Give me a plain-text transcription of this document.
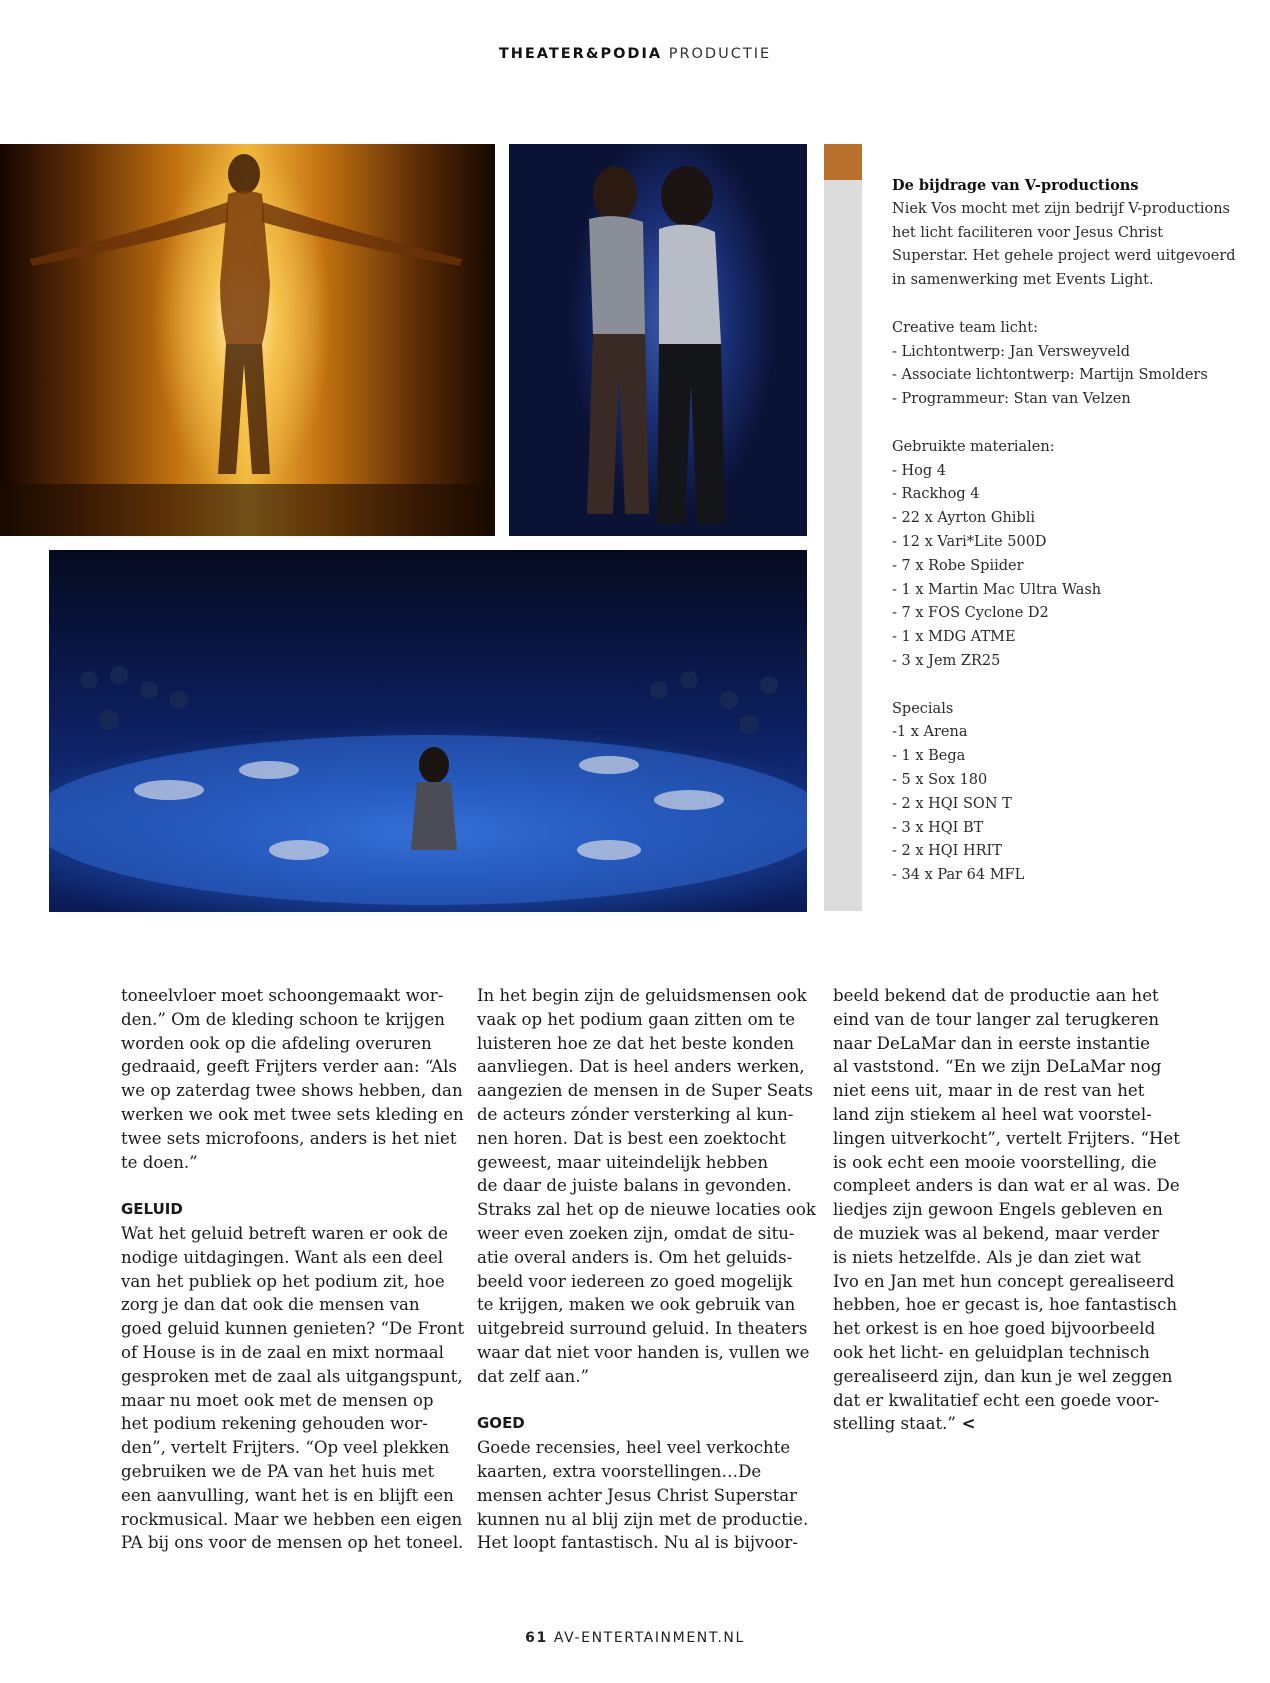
THEATER&PODIA PRODUCTIE

De bijdrage van V-productions

Niek Vos mocht met zijn bedrijf V-productions
het licht faciliteren voor Jesus Christ
Superstar. Het gehele project werd uitgevoerd
in samenwerking met Events Light.

Creative team licht:

- Lichtontwerp: Jan Versweyveld
- Associate lichtontwerp: Martijn Smolders
- Programmeur: Stan van Velzen

Gebruikte materialen:

- Hog 4
- Rackhog 4
- 22 x Ayrton Ghibli
- 12 x Vari*Lite 500D
- 7 x Robe Spiider
- 1 x Martin Mac Ultra Wash
- 7 x FOS Cyclone D2
- 1 x MDG ATME
- 3 x Jem ZR25

Specials

-1 x Arena
- 1 x Bega
- 5 x Sox 180
- 2 x HQI SON T
- 3 x HQI BT
- 2 x HQI HRIT
- 34 x Par 64 MFL
toneelvloer moet schoongemaakt wor-
den.” Om de kleding schoon te krijgen
worden ook op die afdeling overuren
gedraaid, geeft Frijters verder aan: “Als
we op zaterdag twee shows hebben, dan
werken we ook met twee sets kleding en
twee sets microfoons, anders is het niet
te doen.”
GELUID
Wat het geluid betreft waren er ook de
nodige uitdagingen. Want als een deel
van het publiek op het podium zit, hoe
zorg je dan dat ook die mensen van
goed geluid kunnen genieten? “De Front
of House is in de zaal en mixt normaal
gesproken met de zaal als uitgangspunt,
maar nu moet ook met de mensen op
het podium rekening gehouden wor-
den”, vertelt Frijters. “Op veel plekken
gebruiken we de PA van het huis met
een aanvulling, want het is en blijft een
rockmusical. Maar we hebben een eigen
PA bij ons voor de mensen op het toneel.
In het begin zijn de geluidsmensen ook
vaak op het podium gaan zitten om te
luisteren hoe ze dat het beste konden
aanvliegen. Dat is heel anders werken,
aangezien de mensen in de Super Seats
de acteurs zónder versterking al kun-
nen horen. Dat is best een zoektocht
geweest, maar uiteindelijk hebben
de daar de juiste balans in gevonden.
Straks zal het op de nieuwe locaties ook
weer even zoeken zijn, omdat de situ-
atie overal anders is. Om het geluids-
beeld voor iedereen zo goed mogelijk
te krijgen, maken we ook gebruik van
uitgebreid surround geluid. In theaters
waar dat niet voor handen is, vullen we
dat zelf aan.”
GOED
Goede recensies, heel veel verkochte
kaarten, extra voorstellingen…De
mensen achter Jesus Christ Superstar
kunnen nu al blij zijn met de productie.
Het loopt fantastisch. Nu al is bijvoor-
beeld bekend dat de productie aan het
eind van de tour langer zal terugkeren
naar DeLaMar dan in eerste instantie
al vaststond. “En we zijn DeLaMar nog
niet eens uit, maar in de rest van het
land zijn stiekem al heel wat voorstel-
lingen uitverkocht”, vertelt Frijters. “Het
is ook echt een mooie voorstelling, die
compleet anders is dan wat er al was. De
liedjes zijn gewoon Engels gebleven en
de muziek was al bekend, maar verder
is niets hetzelfde. Als je dan ziet wat
Ivo en Jan met hun concept gerealiseerd
hebben, hoe er gecast is, hoe fantastisch
het orkest is en hoe goed bijvoorbeeld
ook het licht- en geluidplan technisch
gerealiseerd zijn, dan kun je wel zeggen
dat er kwalitatief echt een goede voor-
stelling staat.” <
61 AV-ENTERTAINMENT.NL
